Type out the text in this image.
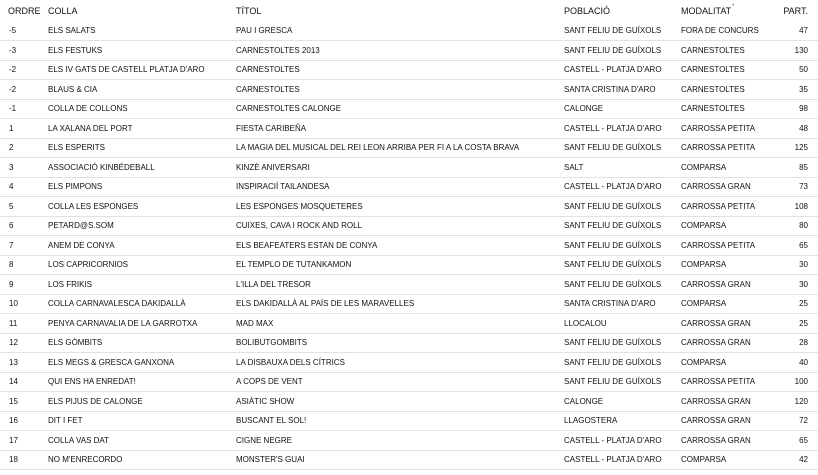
ORDRE	COLLA	TÍTOL	POBLACIÓ	MODALITAT•	PART.
-5	ELS SALATS	PAU I GRESCA	SANT FELIU DE GUÍXOLS	FORA DE CONCURS	47
-3	ELS FESTUKS	CARNESTOLTES 2013	SANT FELIU DE GUÍXOLS	CARNESTOLTES	130
-2	ELS IV GATS DE CASTELL PLATJA D'ARO	CARNESTOLTES	CASTELL - PLATJA D'ARO	CARNESTOLTES	50
-2	BLAUS & CIA	CARNESTOLTES	SANTA CRISTINA D'ARO	CARNESTOLTES	35
-1	COLLA DE COLLONS	CARNESTOLTES CALONGE	CALONGE	CARNESTOLTES	98
1	LA XALANA DEL PORT	FIESTA CARIBEÑA	CASTELL - PLATJA D'ARO	CARROSSA PETITA	48
2	ELS ESPERITS	LA MAGIA DEL MUSICAL DEL REI LEON ARRIBA PER FI A LA COSTA BRAVA	SANT FELIU DE GUÍXOLS	CARROSSA PETITA	125
3	ASSOCIACIÓ KINBÉDEBALL	KINZÈ ANIVERSARI	SALT	COMPARSA	85
4	ELS PIMPONS	INSPIRACIÍ TAILANDESA	CASTELL - PLATJA D'ARO	CARROSSA GRAN	73
5	COLLA LES ESPONGES	LES ESPONGES MOSQUETERES	SANT FELIU DE GUÍXOLS	CARROSSA PETITA	108
6	PETARD@S.SOM	CUIXES, CAVA I ROCK AND ROLL	SANT FELIU DE GUÍXOLS	COMPARSA	80
7	ANEM DE CONYA	ELS BEAFEATERS ESTAN DE CONYA	SANT FELIU DE GUÍXOLS	CARROSSA PETITA	65
8	LOS CAPRICORNIOS	EL TEMPLO DE TUTANKAMON	SANT FELIU DE GUÍXOLS	COMPARSA	30
9	LOS FRIKIS	L'ILLA DEL TRESOR	SANT FELIU DE GUÍXOLS	CARROSSA GRAN	30
10	COLLA CARNAVALESCA DAKIDALLÀ	ELS DAKIDALLÀ AL PAÍS DE LES MARAVELLES	SANTA CRISTINA D'ARO	COMPARSA	25
11	PENYA CARNAVALIA DE LA GARROTXA	MAD MAX	LLOCALOU	CARROSSA GRAN	25
12	ELS GÒMBITS	BOLIBUTGOMBITS	SANT FELIU DE GUÍXOLS	CARROSSA GRAN	28
13	ELS MEGS & GRESCA GANXONA	LA DISBAUXA DELS CÍTRICS	SANT FELIU DE GUÍXOLS	COMPARSA	40
14	QUI ENS HA ENREDAT!	A COPS DE VENT	SANT FELIU DE GUÍXOLS	CARROSSA PETITA	100
15	ELS PIJUS DE CALONGE	ASIÀTIC SHOW	CALONGE	CARROSSA GRAN	120
16	DIT I FET	BUSCANT EL SOL!	LLAGOSTERA	CARROSSA GRAN	72
17	COLLA VAS DAT	CIGNE NEGRE	CASTELL - PLATJA D'ARO	CARROSSA GRAN	65
18	NO M'ENRECORDO	MONSTER'S GUAI	CASTELL - PLATJA D'ARO	COMPARSA	42
